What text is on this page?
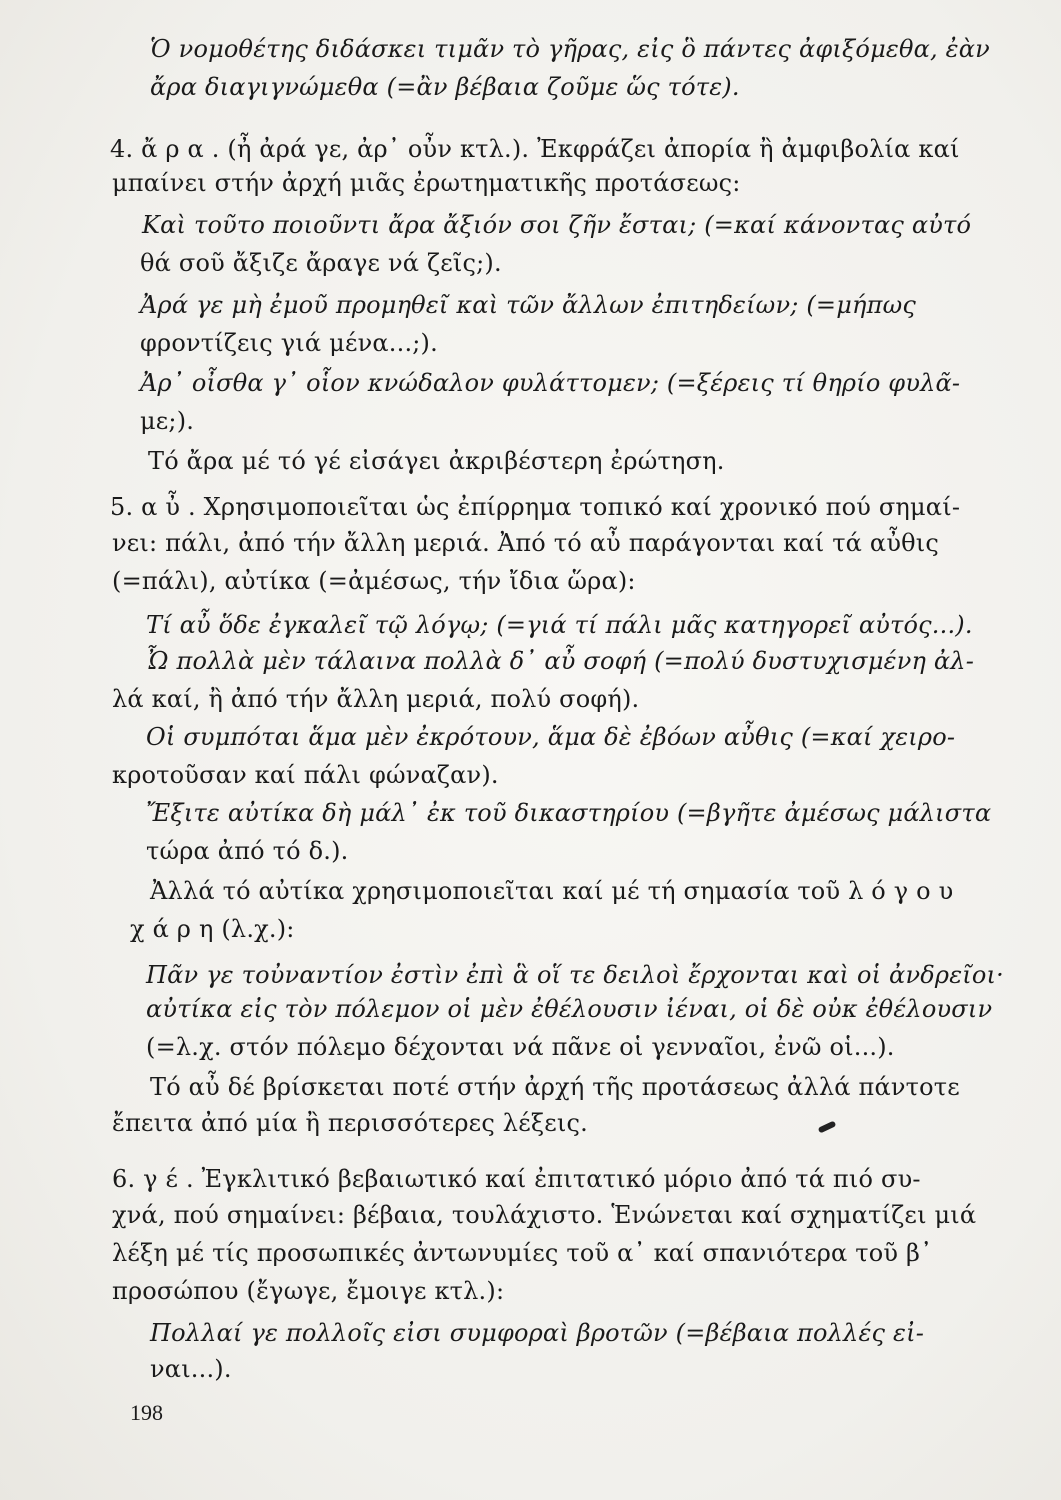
Ὁ νομοθέτης διδάσκει τιμᾶν τὸ γῆρας, εἰς ὃ πάντες ἀφιξόμεθα, ἐὰν
ἄρα διαγιγνώμεθα (=ἂν βέβαια ζοῦμε ὥς τότε).
4. ἄ ρ α . (ἦ ἀρά γε, ἀρ᾽ οὖν κτλ.). Ἐκφράζει ἀπορία ἢ ἀμφιβολία καί
μπαίνει στήν ἀρχή μιᾶς ἐρωτηματικῆς προτάσεως:
Καὶ τοῦτο ποιοῦντι ἄρα ἄξιόν σοι ζῆν ἔσται; (=καί κάνοντας αὐτό
θά σοῦ ἄξιζε ἄραγε νά ζεῖς;).
Ἀρά γε μὴ ἐμοῦ προμηθεῖ καὶ τῶν ἄλλων ἐπιτηδείων; (=μήπως
φροντίζεις γιά μένα...;).
Ἀρ᾽ οἶσθα γ᾽ οἷον κνώδαλον φυλάττομεν; (=ξέρεις τί θηρίο φυλᾶ-
με;).
Τό ἄρα μέ τό γέ εἰσάγει ἀκριβέστερη ἐρώτηση.
5. α ὖ . Χρησιμοποιεῖται ὡς ἐπίρρημα τοπικό καί χρονικό πού σημαί-
νει: πάλι, ἀπό τήν ἄλλη μεριά. Ἀπό τό αὖ παράγονται καί τά αὖθις
(=πάλι), αὐτίκα (=ἀμέσως, τήν ἴδια ὥρα):
Τί αὖ ὅδε ἐγκαλεῖ τῷ λόγῳ; (=γιά τί πάλι μᾶς κατηγορεῖ αὐτός...).
Ὦ πολλὰ μὲν τάλαινα πολλὰ δ᾽ αὖ σοφή (=πολύ δυστυχισμένη ἀλ-
λά καί, ἢ ἀπό τήν ἄλλη μεριά, πολύ σοφή).
Οἱ συμπόται ἅμα μὲν ἐκρότουν, ἅμα δὲ ἐβόων αὖθις (=καί χειρο-
κροτοῦσαν καί πάλι φώναζαν).
Ἔξιτε αὐτίκα δὴ μάλ᾽ ἐκ τοῦ δικαστηρίου (=βγῆτε ἀμέσως μάλιστα
τώρα ἀπό τό δ.).
Ἀλλά τό αὐτίκα χρησιμοποιεῖται καί μέ τή σημασία τοῦ λ ό γ ο υ
χ ά ρ η (λ.χ.):
Πᾶν γε τοὐναντίον ἐστὶν ἐπὶ ἃ οἵ τε δειλοὶ ἔρχονται καὶ οἱ ἀνδρεῖοι·
αὐτίκα εἰς τὸν πόλεμον οἱ μὲν ἐθέλουσιν ἰέναι, οἱ δὲ οὐκ ἐθέλουσιν
(=λ.χ. στόν πόλεμο δέχονται νά πᾶνε οἱ γενναῖοι, ἐνῶ οἱ...).
Τό αὖ δέ βρίσκεται ποτέ στήν ἀρχή τῆς προτάσεως ἀλλά πάντοτε
ἔπειτα ἀπό μία ἢ περισσότερες λέξεις.
6. γ έ . Ἐγκλιτικό βεβαιωτικό καί ἐπιτατικό μόριο ἀπό τά πιό συ-
χνά, πού σημαίνει: βέβαια, τουλάχιστο. Ἑνώνεται καί σχηματίζει μιά
λέξη μέ τίς προσωπικές ἀντωνυμίες τοῦ α᾽ καί σπανιότερα τοῦ β᾽
προσώπου (ἔγωγε, ἔμοιγε κτλ.):
Πολλαί γε πολλοῖς εἰσι συμφοραὶ βροτῶν (=βέβαια πολλές εἰ-
ναι...).
198
